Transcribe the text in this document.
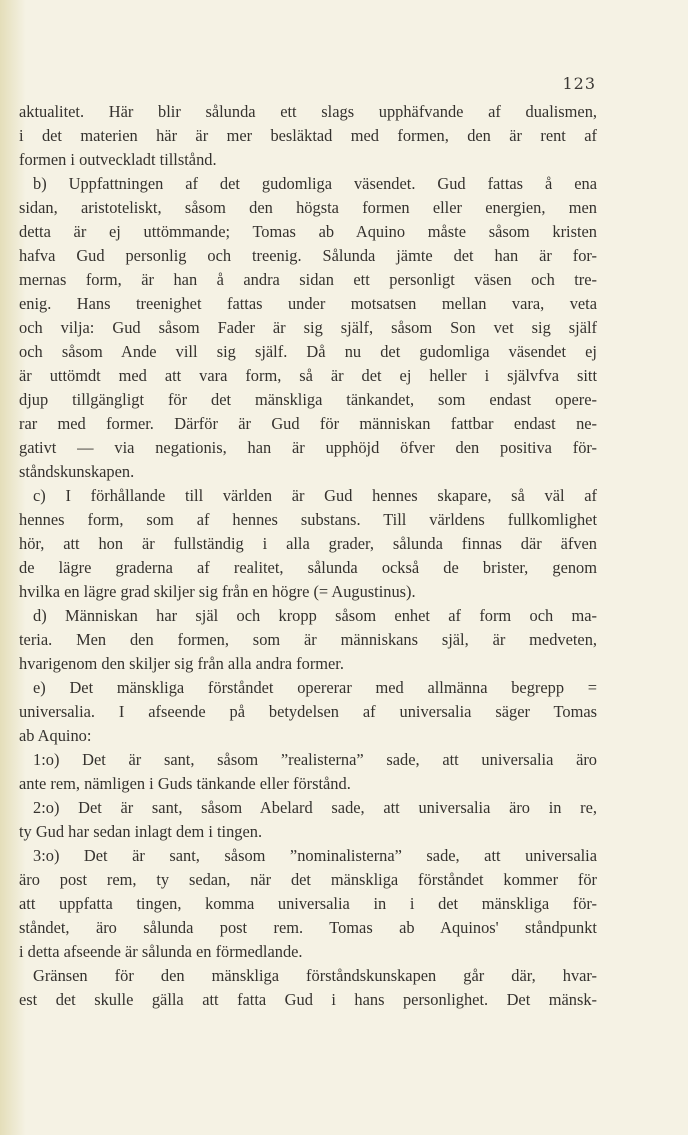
123
aktualitet. Här blir sålunda ett slags upphäfvande af dualismen,
i det materien här är mer besläktad med formen, den är rent af
formen i outveckladt tillstånd.
b) Uppfattningen af det gudomliga väsendet. Gud fattas å ena
sidan, aristoteliskt, såsom den högsta formen eller energien, men
detta är ej uttömmande; Tomas ab Aquino måste såsom kristen
hafva Gud personlig och treenig. Sålunda jämte det han är for-
mernas form, är han å andra sidan ett personligt väsen och tre-
enig. Hans treenighet fattas under motsatsen mellan vara, veta
och vilja: Gud såsom Fader är sig själf, såsom Son vet sig själf
och såsom Ande vill sig själf. Då nu det gudomliga väsendet ej
är uttömdt med att vara form, så är det ej heller i självfva sitt
djup tillgängligt för det mänskliga tänkandet, som endast opere-
rar med former. Därför är Gud för människan fattbar endast ne-
gativt — via negationis, han är upphöjd öfver den positiva för-
ståndskunskapen.
c) I förhållande till världen är Gud hennes skapare, så väl af
hennes form, som af hennes substans. Till världens fullkomlighet
hör, att hon är fullständig i alla grader, sålunda finnas där äfven
de lägre graderna af realitet, sålunda också de brister, genom
hvilka en lägre grad skiljer sig från en högre (= Augustinus).
d) Människan har själ och kropp såsom enhet af form och ma-
teria. Men den formen, som är människans själ, är medveten,
hvarigenom den skiljer sig från alla andra former.
e) Det mänskliga förståndet opererar med allmänna begrepp =
universalia. I afseende på betydelsen af universalia säger Tomas
ab Aquino:
1:o) Det är sant, såsom ”realisterna” sade, att universalia äro
ante rem, nämligen i Guds tänkande eller förstånd.
2:o) Det är sant, såsom Abelard sade, att universalia äro in re,
ty Gud har sedan inlagt dem i tingen.
3:o) Det är sant, såsom ”nominalisterna” sade, att universalia
äro post rem, ty sedan, när det mänskliga förståndet kommer för
att uppfatta tingen, komma universalia in i det mänskliga för-
ståndet, äro sålunda post rem. Tomas ab Aquinos' ståndpunkt
i detta afseende är sålunda en förmedlande.
Gränsen för den mänskliga förståndskunskapen går där, hvar-
est det skulle gälla att fatta Gud i hans personlighet. Det mänsk-
